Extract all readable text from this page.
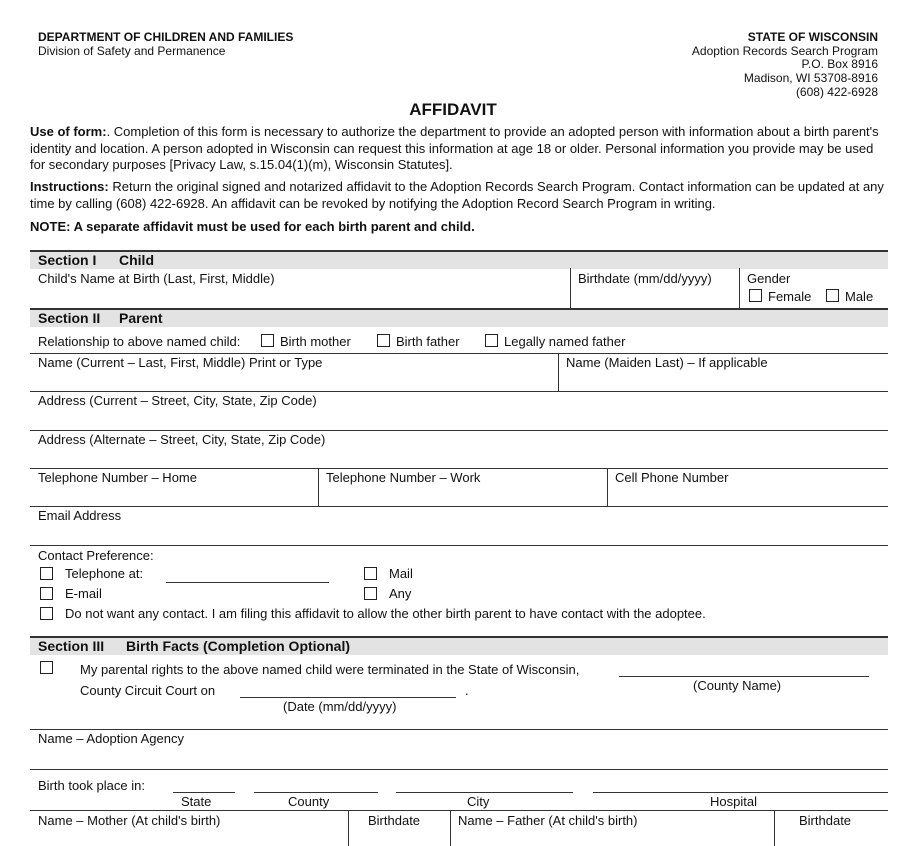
DEPARTMENT OF CHILDREN AND FAMILIES
Division of Safety and Permanence
STATE OF WISCONSIN
Adoption Records Search Program
P.O. Box 8916
Madison, WI 53708-8916
(608) 422-6928
AFFIDAVIT
Use of form:. Completion of this form is necessary to authorize the department to provide an adopted person with information about a birth parent's identity and location. A person adopted in Wisconsin can request this information at age 18 or older. Personal information you provide may be used for secondary purposes [Privacy Law, s.15.04(1)(m), Wisconsin Statutes].
Instructions: Return the original signed and notarized affidavit to the Adoption Records Search Program. Contact information can be updated at any time by calling (608) 422-6928. An affidavit can be revoked by notifying the Adoption Record Search Program in writing.
NOTE: A separate affidavit must be used for each birth parent and child.
Section I Child
Child's Name at Birth (Last, First, Middle)	Birthdate (mm/dd/yyyy)	Gender
Female	Male
Section II Parent
Relationship to above named child:	Birth mother	Birth father	Legally named father
Name (Current – Last, First, Middle) Print or Type	Name (Maiden Last) – If applicable
Address (Current – Street, City, State, Zip Code)
Address (Alternate – Street, City, State, Zip Code)
Telephone Number – Home	Telephone Number – Work	Cell Phone Number
Email Address
Contact Preference:
Telephone at:	Mail
E-mail	Any
Do not want any contact. I am filing this affidavit to allow the other birth parent to have contact with the adoptee.
Section III Birth Facts (Completion Optional)
My parental rights to the above named child were terminated in the State of Wisconsin,
(County Name)
County Circuit Court on	.
(Date (mm/dd/yyyy)
Name – Adoption Agency
Birth took place in:
State	County	City	Hospital
Name – Mother (At child's birth)	Birthdate	Name – Father (At child's birth)	Birthdate
